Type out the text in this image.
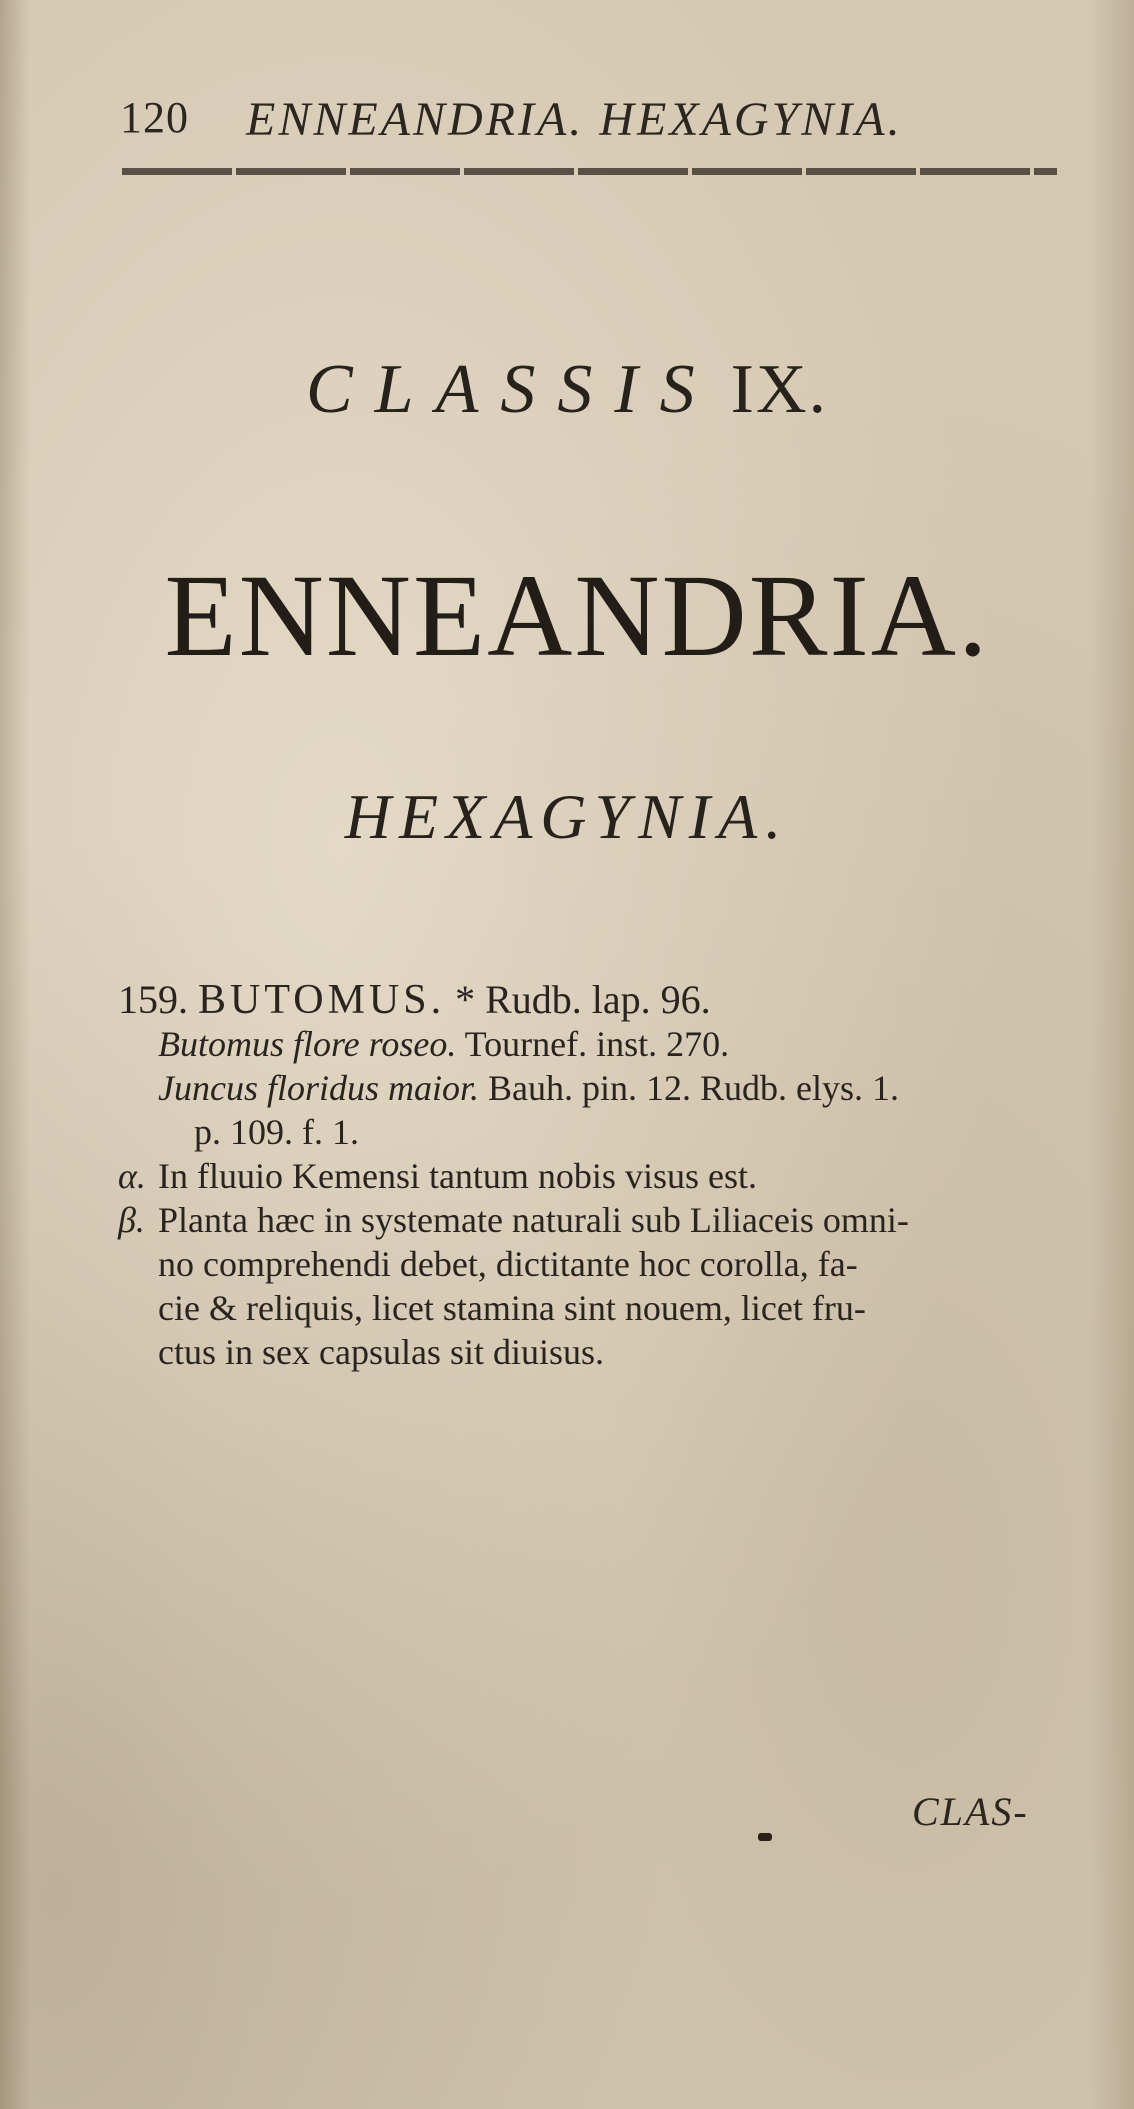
120 ENNEANDRIA. HEXAGYNIA.
CLASSIS IX.
ENNEANDRIA.
HEXAGYNIA.
159. BUTOMUS. * Rudb. lap. 96.
Butomus flore roseo. Tournef. inst. 270.
Juncus floridus maior. Bauh. pin. 12. Rudb. elys. 1.
p. 109. f. 1.
α. In fluuio Kemensi tantum nobis visus est.
β. Planta hæc in systemate naturali sub Liliaceis omni-
no comprehendi debet, dictitante hoc corolla, fa-
cie & reliquis, licet stamina sint nouem, licet fru-
ctus in sex capsulas sit diuisus.
CLAS-
